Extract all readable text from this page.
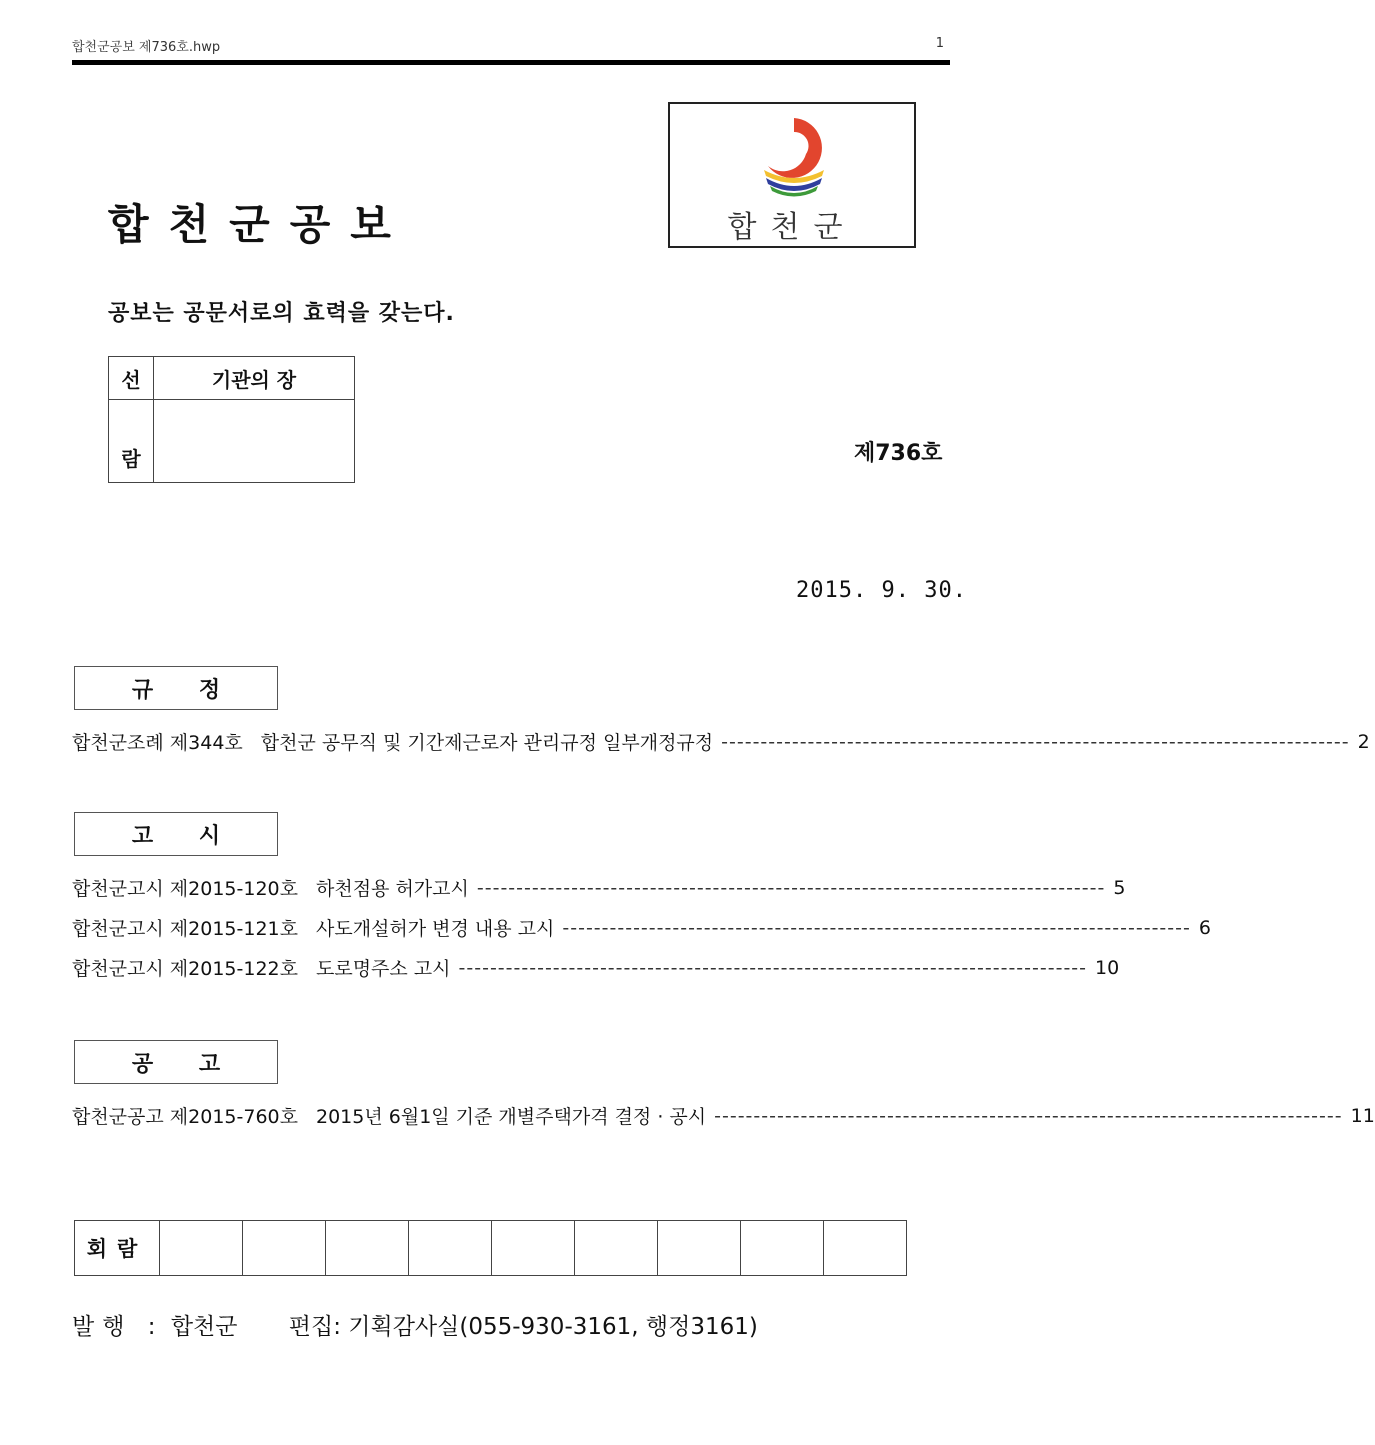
합천군공보 제736호.hwp	1
합천군공보	합천군
공보는 공문서로의 효력을 갖는다.
선	기관의 장
람		제736호
2015. 9. 30.
규 정
합천군조례 제344호 합천군 공무직 및 기간제근로자 관리규정 일부개정규정 -------------------------------------------------------------------------------- 2
고 시
합천군고시 제2015-120호 하천점용 허가고시 -------------------------------------------------------------------------------- 5
합천군고시 제2015-121호 사도개설허가 변경 내용 고시 -------------------------------------------------------------------------------- 6
합천군고시 제2015-122호 도로명주소 고시 -------------------------------------------------------------------------------- 10
공 고
합천군공고 제2015-760호 2015년 6월1일 기준 개별주택가격 결정 · 공시 -------------------------------------------------------------------------------- 11
회람									
발행 : 합천군 편집: 기획감사실(055-930-3161, 행정3161)
